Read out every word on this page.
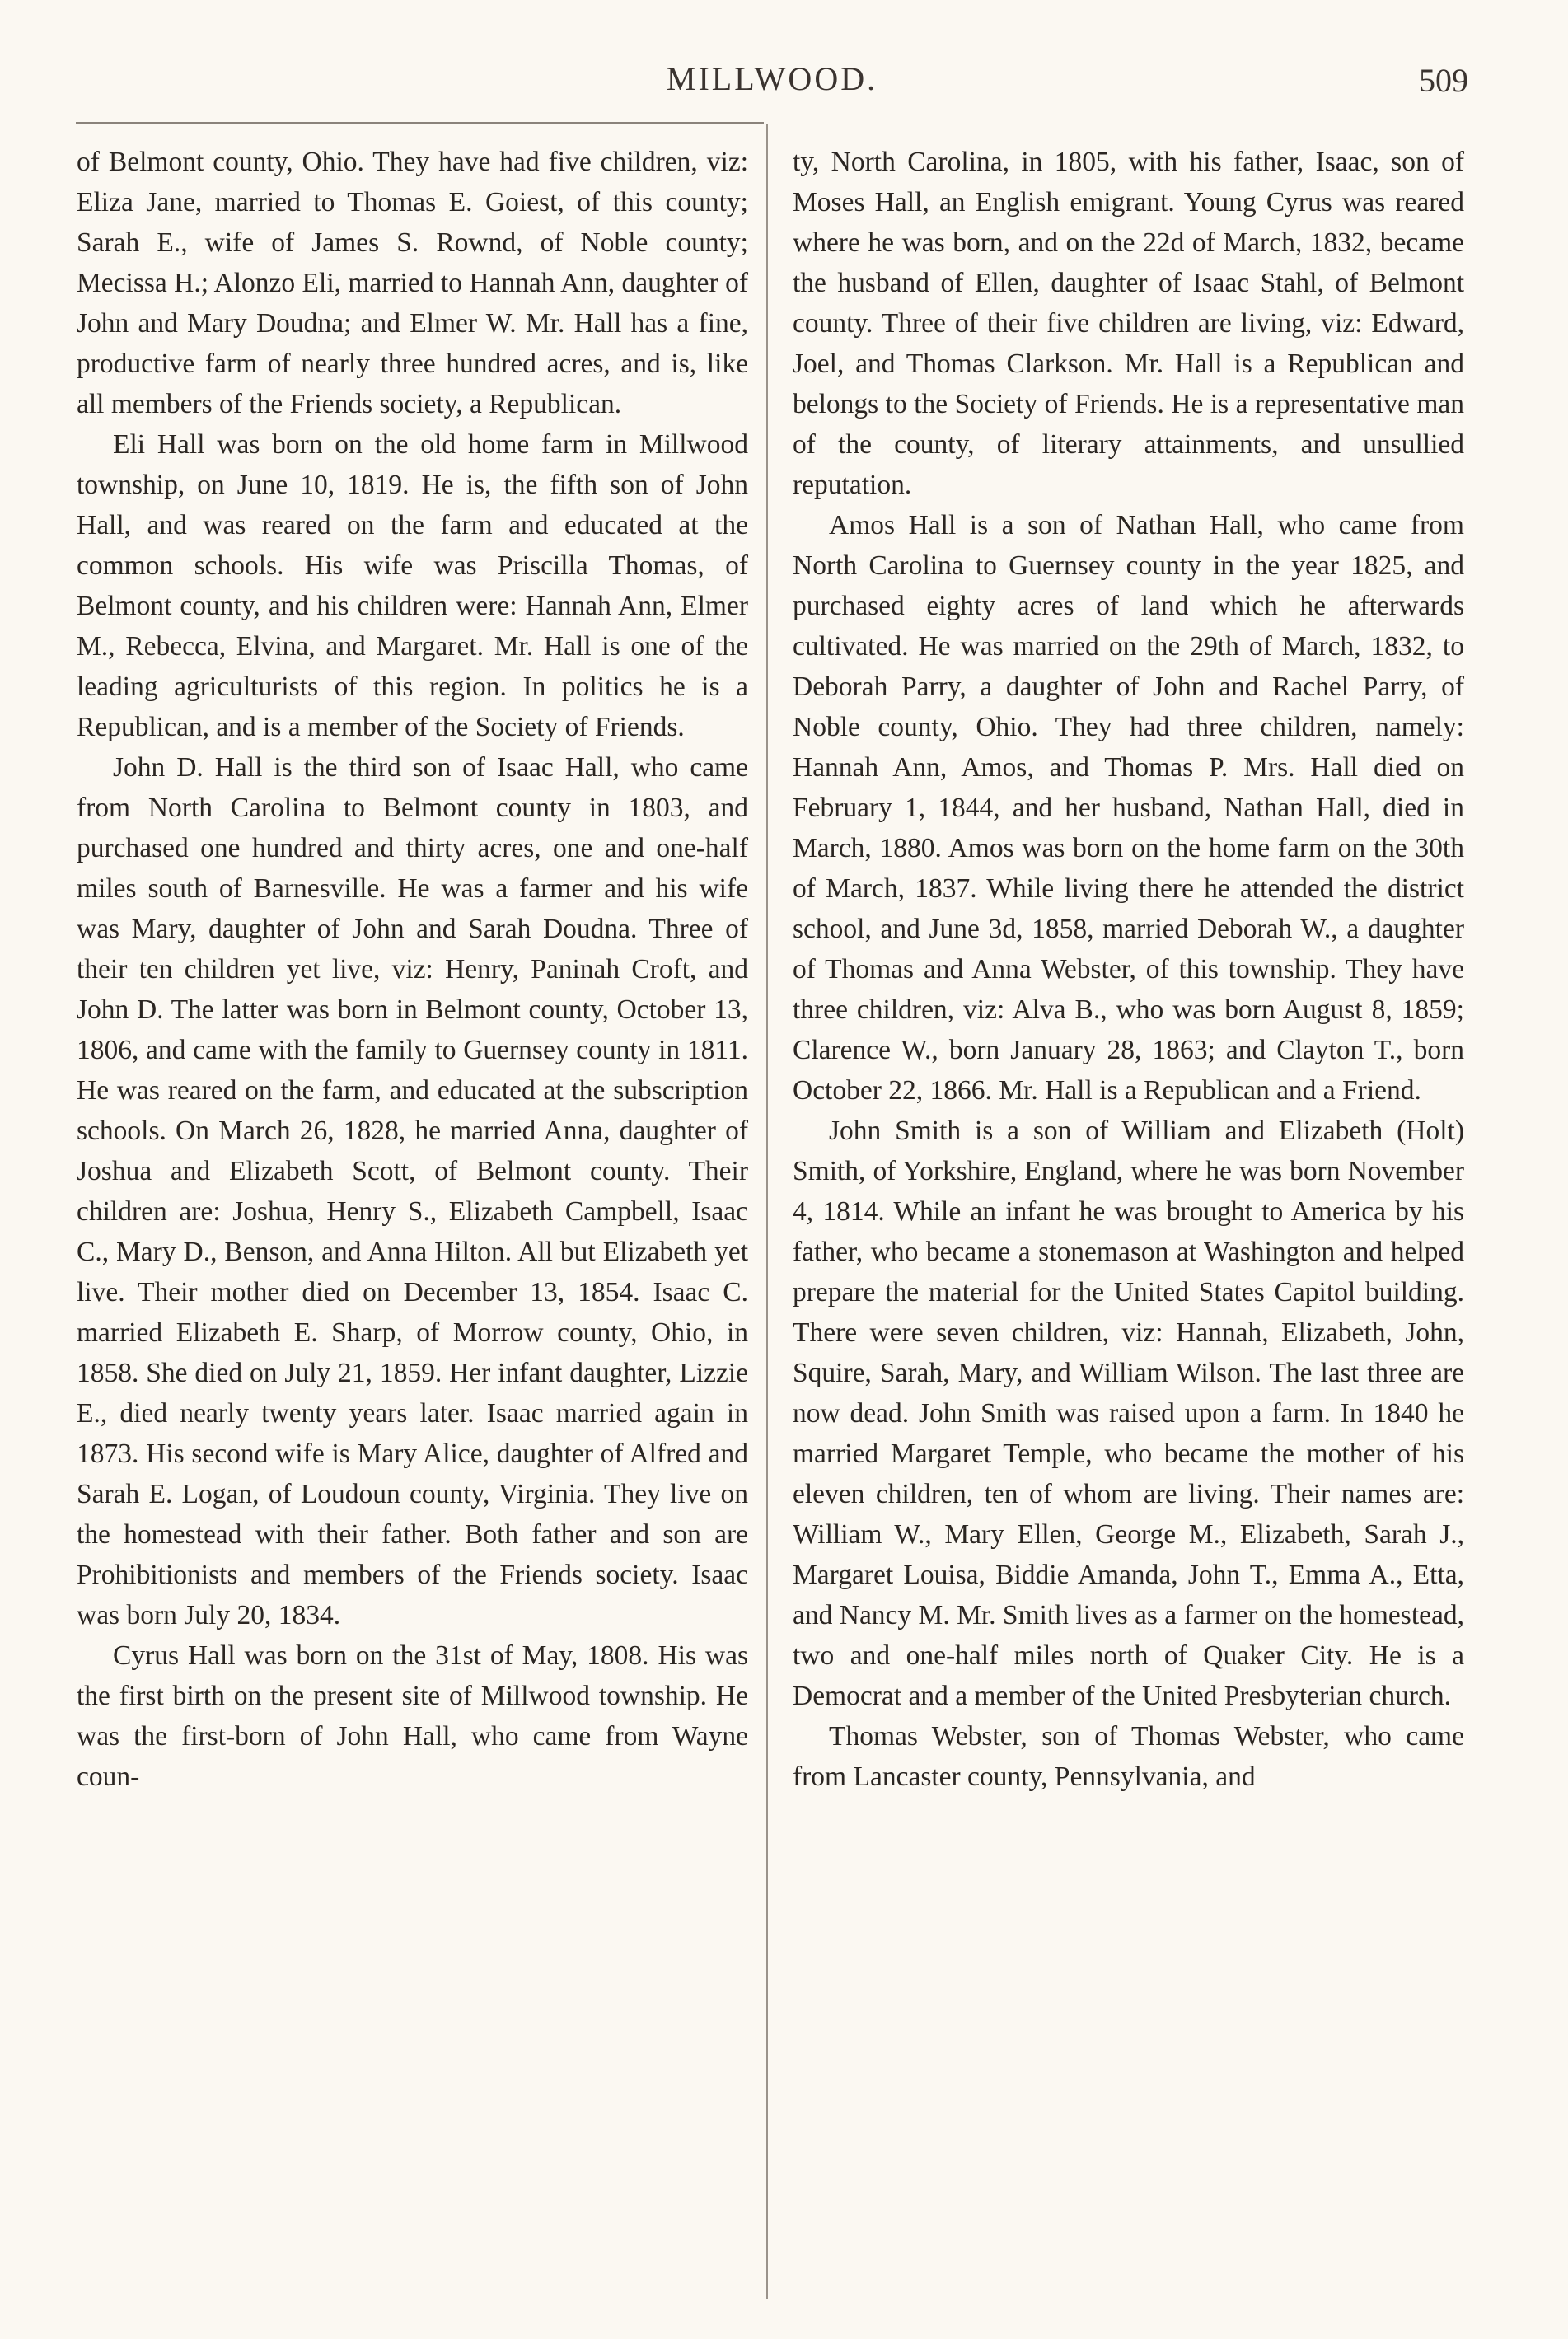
MILLWOOD.	509

of Belmont county, Ohio. They have had five children, viz: Eliza Jane, married to Thomas E. Goiest, of this county; Sarah E., wife of James S. Rownd, of Noble county; Mecissa H.; Alonzo Eli, married to Hannah Ann, daughter of John and Mary Doudna; and Elmer W. Mr. Hall has a fine, productive farm of nearly three hundred acres, and is, like all members of the Friends society, a Republican.

Eli Hall was born on the old home farm in Millwood township, on June 10, 1819. He is, the fifth son of John Hall, and was reared on the farm and educated at the common schools. His wife was Priscilla Thomas, of Belmont county, and his children were: Hannah Ann, Elmer M., Rebecca, Elvina, and Margaret. Mr. Hall is one of the leading agriculturists of this region. In politics he is a Republican, and is a member of the Society of Friends.

John D. Hall is the third son of Isaac Hall, who came from North Carolina to Belmont county in 1803, and purchased one hundred and thirty acres, one and one-half miles south of Barnesville. He was a farmer and his wife was Mary, daughter of John and Sarah Doudna. Three of their ten children yet live, viz: Henry, Paninah Croft, and John D. The latter was born in Belmont county, October 13, 1806, and came with the family to Guernsey county in 1811. He was reared on the farm, and educated at the subscription schools. On March 26, 1828, he married Anna, daughter of Joshua and Elizabeth Scott, of Belmont county. Their children are: Joshua, Henry S., Elizabeth Campbell, Isaac C., Mary D., Benson, and Anna Hilton. All but Elizabeth yet live. Their mother died on December 13, 1854. Isaac C. married Elizabeth E. Sharp, of Morrow county, Ohio, in 1858. She died on July 21, 1859. Her infant daughter, Lizzie E., died nearly twenty years later. Isaac married again in 1873. His second wife is Mary Alice, daughter of Alfred and Sarah E. Logan, of Loudoun county, Virginia. They live on the homestead with their father. Both father and son are Prohibitionists and members of the Friends society. Isaac was born July 20, 1834.

Cyrus Hall was born on the 31st of May, 1808. His was the first birth on the present site of Millwood township. He was the first-born of John Hall, who came from Wayne coun-

ty, North Carolina, in 1805, with his father, Isaac, son of Moses Hall, an English emigrant. Young Cyrus was reared where he was born, and on the 22d of March, 1832, became the husband of Ellen, daughter of Isaac Stahl, of Belmont county. Three of their five children are living, viz: Edward, Joel, and Thomas Clarkson. Mr. Hall is a Republican and belongs to the Society of Friends. He is a representative man of the county, of literary attainments, and unsullied reputation.

Amos Hall is a son of Nathan Hall, who came from North Carolina to Guernsey county in the year 1825, and purchased eighty acres of land which he afterwards cultivated. He was married on the 29th of March, 1832, to Deborah Parry, a daughter of John and Rachel Parry, of Noble county, Ohio. They had three children, namely: Hannah Ann, Amos, and Thomas P. Mrs. Hall died on February 1, 1844, and her husband, Nathan Hall, died in March, 1880. Amos was born on the home farm on the 30th of March, 1837. While living there he attended the district school, and June 3d, 1858, married Deborah W., a daughter of Thomas and Anna Webster, of this township. They have three children, viz: Alva B., who was born August 8, 1859; Clarence W., born January 28, 1863; and Clayton T., born October 22, 1866. Mr. Hall is a Republican and a Friend.

John Smith is a son of William and Elizabeth (Holt) Smith, of Yorkshire, England, where he was born November 4, 1814. While an infant he was brought to America by his father, who became a stonemason at Washington and helped prepare the material for the United States Capitol building. There were seven children, viz: Hannah, Elizabeth, John, Squire, Sarah, Mary, and William Wilson. The last three are now dead. John Smith was raised upon a farm. In 1840 he married Margaret Temple, who became the mother of his eleven children, ten of whom are living. Their names are: William W., Mary Ellen, George M., Elizabeth, Sarah J., Margaret Louisa, Biddie Amanda, John T., Emma A., Etta, and Nancy M. Mr. Smith lives as a farmer on the homestead, two and one-half miles north of Quaker City. He is a Democrat and a member of the United Presbyterian church.

Thomas Webster, son of Thomas Webster, who came from Lancaster county, Pennsylvania, and
